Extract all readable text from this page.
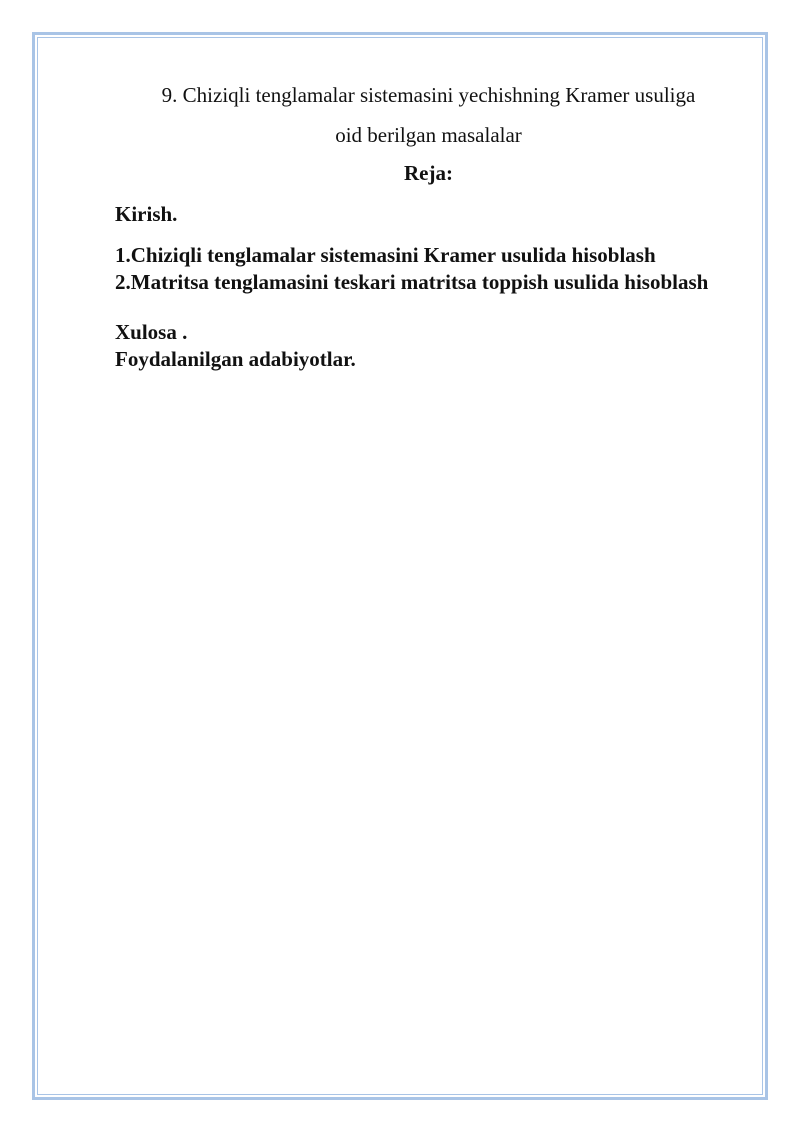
9. Chiziqli tenglamalar sistemasini yechishning Kramer usuliga

oid berilgan masalalar

Reja:

Kirish.

1.Chiziqli tenglamalar sistemasini Kramer usulida hisoblash

2.Matritsa tenglamasini teskari matritsa toppish usulida hisoblash

Xulosa .

Foydalanilgan adabiyotlar.
